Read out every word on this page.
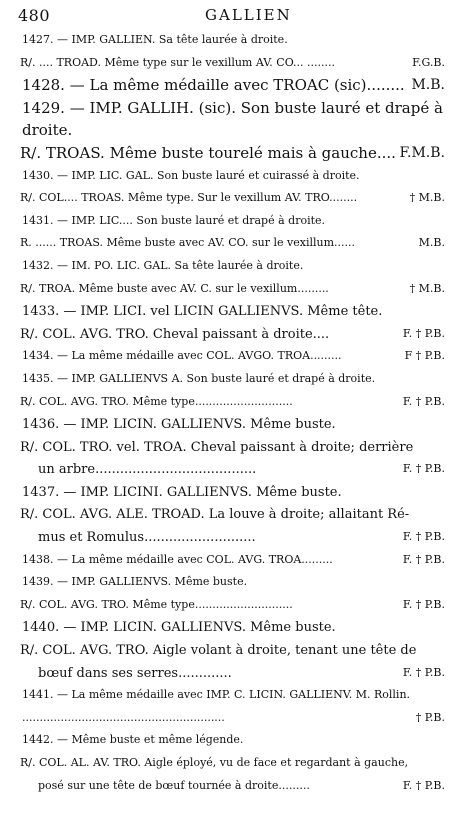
480	GALLIEN
1427. — IMP. GALLIEN. Sa tête laurée à droite.
R/. .... TROAD. Même type sur le vexillum AV. CO... ........	F.G.B.
1428. — La même médaille avec TROAC (sic)........ M.B.
1429. — IMP. GALLIH. (sic). Son buste lauré et drapé à
droite.
R/. TROAS. Même buste tourelé mais à gauche.... F.M.B.
1430. — IMP. LIC. GAL. Son buste lauré et cuirassé à droite.
R/. COL.... TROAS. Même type. Sur le vexillum AV. TRO........	† M.B.
1431. — IMP. LIC.... Son buste lauré et drapé à droite.
R. ...... TROAS. Même buste avec AV. CO. sur le vexillum......	M.B.
1432. — IM. PO. LIC. GAL. Sa tête laurée à droite.
R/. TROA. Même buste avec AV. C. sur le vexillum.........	† M.B.
1433. — IMP. LICI. vel LICIN GALLIENVS. Même tête.
R/. COL. AVG. TRO. Cheval paissant à droite....	F. † P.B.
1434. — La même médaille avec COL. AVGO. TROA.........	F † P.B.
1435. — IMP. GALLIENVS A. Son buste lauré et drapé à droite.
R/. COL. AVG. TRO. Même type............................	F. † P.B.
1436. — IMP. LICIN. GALLIENVS. Même buste.
R/. COL. TRO. vel. TROA. Cheval paissant à droite; derrière
un arbre.......................................	F. † P.B.
1437. — IMP. LICINI. GALLIENVS. Même buste.
R/. COL. AVG. ALE. TROAD. La louve à droite; allaitant Ré-
mus et Romulus...........................	F. † P.B.
1438. — La même médaille avec COL. AVG. TROA.........	F. † P.B.
1439. — IMP. GALLIENVS. Même buste.
R/. COL. AVG. TRO. Même type............................	F. † P.B.
1440. — IMP. LICIN. GALLIENVS. Même buste.
R/. COL. AVG. TRO. Aigle volant à droite, tenant une tête de
bœuf dans ses serres.............	F. † P.B.
1441. — La même médaille avec IMP. C. LICIN. GALLIENV. M. Rollin.
..........................................................	† P.B.
1442. — Même buste et même légende.
R/. COL. AL. AV. TRO. Aigle éployé, vu de face et regardant à gauche,
posé sur une tête de bœuf tournée à droite.........	F. † P.B.
